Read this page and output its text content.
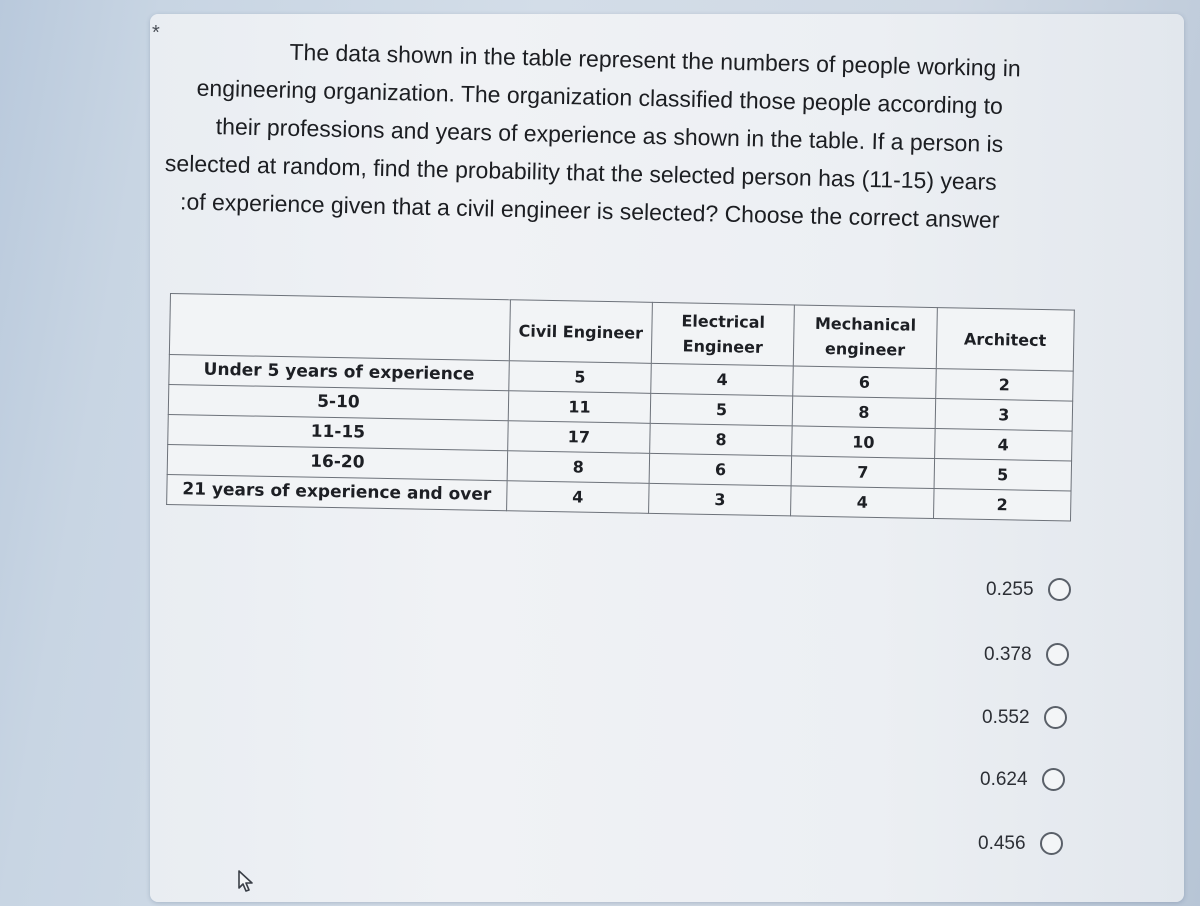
*
The data shown in the table represent the numbers of people working in
engineering organization. The organization classified those people according to
their professions and years of experience as shown in the table. If a person is
selected at random, find the probability that the selected person has (11-15) years
:of experience given that a civil engineer is selected? Choose the correct answer
	Civil Engineer	Electrical Engineer	Mechanical engineer	Architect
Under 5 years of experience	5	4	6	2
5-10	11	5	8	3
11-15	17	8	10	4
16-20	8	6	7	5
21 years of experience and over	4	3	4	2
0.255
0.378
0.552
0.624
0.456
